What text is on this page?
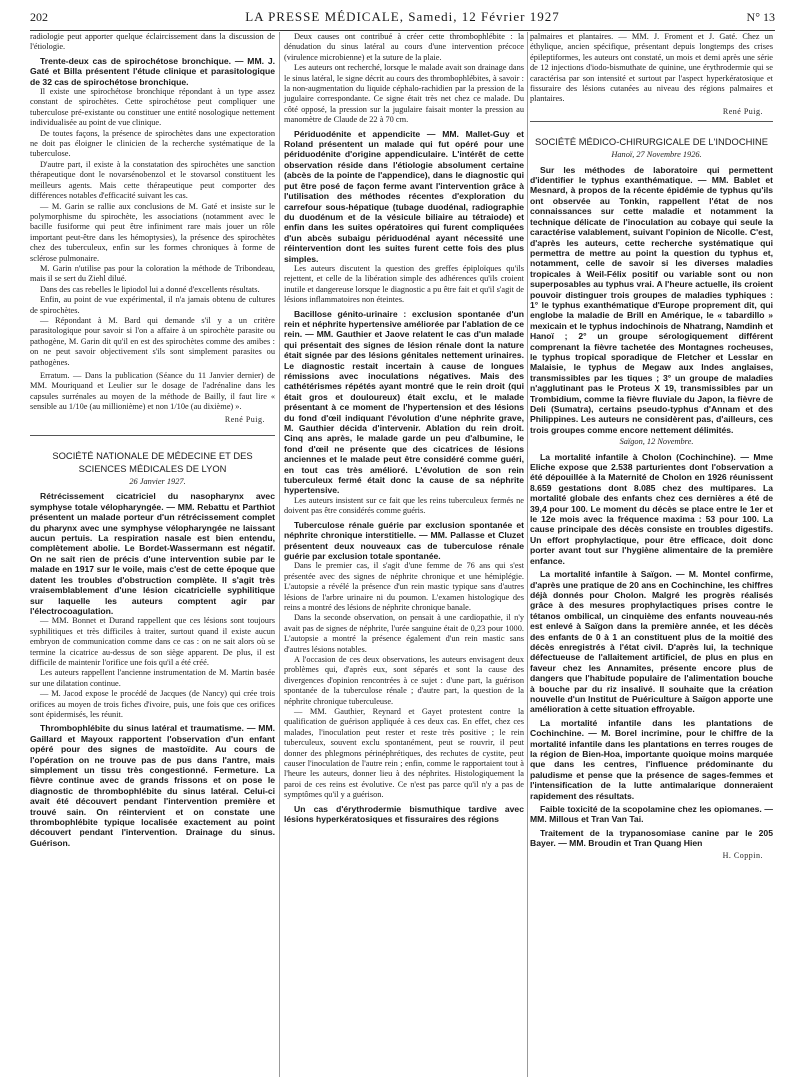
202	LA PRESSE MÉDICALE, Samedi, 12 Février 1927	N° 13

radiologie peut apporter quelque éclaircissement dans la discussion de l'étiologie.

Trente-deux cas de spirochétose bronchique. — MM. J. Gaté et Billa présentent l'étude clinique et parasitologique de 32 cas de spirochétose bronchique.

Il existe une spirochétose bronchique répondant à un type assez constant de spirochètes. Cette spirochétose peut compliquer une tuberculose pré-existante ou constituer une entité nosologique nettement individualisée au point de vue clinique.

De toutes façons, la présence de spirochètes dans une expectoration ne doit pas éloigner le clinicien de la recherche systématique de la tuberculose.

D'autre part, il existe à la constatation des spirochètes une sanction thérapeutique dont le novarsénobenzol et le stovarsol constituent les meilleurs agents. Mais cette thérapeutique peut comporter des différences notables d'efficacité suivant les cas.

— M. Garin se rallie aux conclusions de M. Gaté et insiste sur le polymorphisme du spirochète, les associations (notamment avec le bacille fusiforme qui peut être infiniment rare mais jouer un rôle important peut-être dans les hémoptysies), la présence des spirochètes chez des tuberculeux, enfin sur les formes chroniques à forme de sclérose pulmonaire.

M. Garin n'utilise pas pour la coloration la méthode de Tribondeau, mais il se sert du Ziehl dilué.

Dans des cas rebelles le lipiodol lui a donné d'excellents résultats.

Enfin, au point de vue expérimental, il n'a jamais obtenu de cultures de spirochètes.

— Répondant à M. Bard qui demande s'il y a un critère parasitologique pour savoir si l'on a affaire à un spirochète parasite ou pathogène, M. Garin dit qu'il en est des spirochètes comme des amibes : on ne peut savoir objectivement s'ils sont simplement parasites ou pathogènes.

Erratum. — Dans la publication (Séance du 11 Janvier dernier) de MM. Mouriquand et Leulier sur le dosage de l'adrénaline dans les capsules surrénales au moyen de la méthode de Bailly, il faut lire « sensible au 1/10e (au millionième) et non 1/10e (au dixième) ».

René Puig.

SOCIÉTÉ NATIONALE DE MÉDECINE ET DES SCIENCES MÉDICALES DE LYON

26 Janvier 1927.

Rétrécissement cicatriciel du nasopharynx avec symphyse totale vélopharyngée. — MM. Rebattu et Parthiot présentent un malade porteur d'un rétrécissement complet du pharynx avec une symphyse vélopharyngée ne laissant aucun pertuis. La respiration nasale est bien entendu, complètement abolie. Le Bordet-Wassermann est négatif. On ne sait rien de précis d'une intervention subie par le malade en 1917 sur le voile, mais c'est de cette époque que datent les troubles d'obstruction complète. Il s'agit très vraisemblablement d'une lésion cicatricielle syphilitique sur laquelle les auteurs comptent agir par l'électrocoagulation.

— MM. Bonnet et Durand rappellent que ces lésions sont toujours syphilitiques et très difficiles à traiter, surtout quand il existe aucun embryon de communication comme dans ce cas : on ne sait alors où se termine la cicatrice au-dessus de son siège apparent. De plus, il est difficile de maintenir l'orifice une fois qu'il a été créé.

Les auteurs rappellent l'ancienne instrumentation de M. Martin basée sur une dilatation continue.

— M. Jacod expose le procédé de Jacques (de Nancy) qui crée trois orifices au moyen de trois fiches d'ivoire, puis, une fois que ces orifices sont épidermisés, les réunit.

Thrombophlébite du sinus latéral et traumatisme. — MM. Gaillard et Mayoux rapportent l'observation d'un enfant opéré pour des signes de mastoïdite. Au cours de l'opération on ne trouve pas de pus dans l'antre, mais simplement un tissu très congestionné. Fermeture. La fièvre continue avec de grands frissons et on pose le diagnostic de thrombophlébite du sinus latéral. Celui-ci avait été découvert pendant l'intervention première et trouvé sain. On réintervient et on constate une thrombophlébite typique localisée exactement au point découvert pendant l'intervention. Drainage du sinus. Guérison.

Deux causes ont contribué à créer cette thrombophlébite : la dénudation du sinus latéral au cours d'une intervention précoce (virulence microbienne) et la suture de la plaie.

Les auteurs ont recherché, lorsque le malade avait son drainage dans le sinus latéral, le signe décrit au cours des thrombophlébites, à savoir : la non-augmentation du liquide céphalo-rachidien par la pression de la jugulaire correspondante. Ce signe était très net chez ce malade. Du côté opposé, la pression sur la jugulaire faisait monter la pression au manomètre de Claude de 22 à 70 cm.

Périduodénite et appendicite — MM. Mallet-Guy et Roland présentent un malade qui fut opéré pour une périduodénite d'origine appendiculaire. L'intérêt de cette observation réside dans l'étiologie absolument certaine (abcès de la pointe de l'appendice), dans le diagnostic qui put être posé de façon ferme avant l'intervention grâce à l'utilisation des méthodes récentes d'exploration du carrefour sous-hépatique (tubage duodénal, radiographie du duodénum et de la vésicule biliaire au tétraiode) et enfin dans les suites opératoires qui furent compliquées d'un abcès subaigu périduodénal ayant nécessité une réintervention dont les suites furent cette fois des plus simples.

Les auteurs discutent la question des greffes épiploïques qu'ils rejettent, et celle de la libération simple des adhérences qu'ils croient inutile et dangereuse lorsque le diagnostic a pu être fait et qu'il s'agit de lésions inflammatoires non éteintes.

Bacillose génito-urinaire : exclusion spontanée d'un rein et néphrite hypertensive améliorée par l'ablation de ce rein. — MM. Gauthier et Jaove relatent le cas d'un malade qui présentait des signes de lésion rénale dont la nature était signée par des lésions génitales nettement urinaires. Le diagnostic restait incertain à cause de longues rémissions avec inoculations négatives. Mais des cathétérismes répétés ayant montré que le rein droit (qui était gros et douloureux) était exclu, et le malade présentant à ce moment de l'hypertension et des lésions du fond d'œil indiquant l'évolution d'une néphrite grave, M. Gauthier décida d'intervenir. Ablation du rein droit. Cinq ans après, le malade garde un peu d'albumine, le fond d'œil ne présente que des cicatrices de lésions anciennes et le malade peut être considéré comme guéri, en tout cas très amélioré. L'évolution de son rein tuberculeux fermé était donc la cause de sa néphrite hypertensive.

Les auteurs insistent sur ce fait que les reins tuberculeux fermés ne doivent pas être considérés comme guéris.

Tuberculose rénale guérie par exclusion spontanée et néphrite chronique interstitielle. — MM. Pallasse et Cluzet présentent deux nouveaux cas de tuberculose rénale guérie par exclusion totale spontanée.

Dans le premier cas, il s'agit d'une femme de 76 ans qui s'est présentée avec des signes de néphrite chronique et une hémiplégie. L'autopsie a révélé la présence d'un rein mastic typique sans d'autres lésions de l'arbre urinaire ni du poumon. L'examen histologique des reins a montré des lésions de néphrite chronique banale.

Dans la seconde observation, on pensait à une cardiopathie, il n'y avait pas de signes de néphrite, l'urée sanguine était de 0,23 pour 1000. L'autopsie a montré la présence également d'un rein mastic sans d'autres lésions notables.

A l'occasion de ces deux observations, les auteurs envisagent deux problèmes qui, d'après eux, sont séparés et sont la cause des divergences d'opinion rencontrées à ce sujet : d'une part, la guérison spontanée de la tuberculose rénale ; d'autre part, la question de la néphrite chronique tuberculeuse.

— MM. Gauthier, Reynard et Gayet protestent contre la qualification de guérison appliquée à ces deux cas. En effet, chez ces malades, l'inoculation peut rester et reste très positive ; le rein tuberculeux, souvent exclu spontanément, peut se rouvrir, il peut donner des phlegmons périnéphrétiques, des rechutes de cystite, peut causer l'inoculation de l'autre rein ; enfin, comme le rapportaient tout à l'heure les auteurs, donner lieu à des néphrites. Histologiquement la paroi de ces reins est évolutive. Ce n'est pas parce qu'il n'y a pas de symptômes qu'il y a guérison.

Un cas d'érythrodermie bismuthique tardive avec lésions hyperkératosiques et fissuraires des régions

palmaires et plantaires. — MM. J. Froment et J. Gaté. Chez un éthylique, ancien spécifique, présentant depuis longtemps des crises épileptiformes, les auteurs ont constaté, un mois et demi après une série de 12 injections d'iodo-bismuthate de quinine, une érythrodermie qui se caractérisa par son intensité et surtout par l'aspect hyperkératosique et fissuraire des lésions cutanées au niveau des régions palmaires et plantaires.

René Puig.

SOCIÉTÉ MÉDICO-CHIRURGICALE DE L'INDOCHINE

Hanoï, 27 Novembre 1926.

Sur les méthodes de laboratoire qui permettent d'identifier le typhus exanthématique. — MM. Bablet et Mesnard, à propos de la récente épidémie de typhus qu'ils ont observée au Tonkin, rappellent l'état de nos connaissances sur cette maladie et notamment la technique délicate de l'inoculation au cobaye qui seule la caractérise valablement, suivant l'opinion de Nicolle. C'est, d'après les auteurs, cette recherche systématique qui permettra de mettre au point la question du typhus et, notamment, celle de savoir si les diverses maladies tropicales à Weil-Félix positif ou variable sont ou non superposables au typhus vrai. A l'heure actuelle, ils croient pouvoir distinguer trois groupes de maladies typhiques : 1° le typhus exanthématique d'Europe proprement dit, qui englobe la maladie de Brill en Amérique, le « tabardillo » mexicain et le typhus indochinois de Nhatrang, Namdinh et Hanoï ; 2° un groupe sérologiquement différent comprenant la fièvre tachetée des Montagnes rocheuses, le typhus tropical sporadique de Fletcher et Lesslar en Malaisie, le typhus de Megaw aux Indes anglaises, transmissibles par les tiques ; 3° un groupe de maladies n'agglutinant pas le Proteus X 19, transmissibles par un Trombidium, comme la fièvre fluviale du Japon, la fièvre de Deli (Sumatra), certains pseudo-typhus d'Annam et des Philippines. Les auteurs ne considèrent pas, d'ailleurs, ces trois groupes comme encore nettement délimités.

Saïgon, 12 Novembre.

La mortalité infantile à Cholon (Cochinchine). — Mme Eliche expose que 2.538 parturientes dont l'observation a été dépouillée à la Maternité de Cholon en 1926 réunissent 8.659 gestations dont 8.085 chez des multipares. La mortalité globale des enfants chez ces dernières a été de 39,4 pour 100. Le moment du décès se place entre le 1er et le 12e mois avec la fréquence maxima : 53 pour 100. La cause principale des décès consiste en troubles digestifs. Un effort prophylactique, pour être efficace, doit donc porter avant tout sur l'hygiène alimentaire de la première enfance.
La mortalité infantile à Saïgon. — M. Montel confirme, d'après une pratique de 20 ans en Cochinchine, les chiffres déjà donnés pour Cholon. Malgré les progrès réalisés grâce à des mesures prophylactiques prises contre le tétanos ombilical, un cinquième des enfants nouveau-nés est enlevé à Saïgon dans la première année, et les décès des enfants de 0 à 1 an constituent plus de la moitié des décès enregistrés à l'état civil. D'après lui, la technique défectueuse de l'allaitement artificiel, de plus en plus en faveur chez les Annamites, présente encore plus de dangers que l'habitude populaire de l'alimentation bouche à bouche par du riz insalivé. Il souhaite que la création nouvelle d'un Institut de Puériculture à Saïgon apporte une amélioration à cette situation effroyable.
La mortalité infantile dans les plantations de Cochinchine. — M. Borel incrimine, pour le chiffre de la mortalité infantile dans les plantations en terres rouges de la région de Bien-Hoa, importante quoique moins marquée que dans les centres, l'influence prédominante du paludisme et pense que la présence de sages-femmes et l'intensification de la lutte antimalarique donneraient rapidement des résultats.
Faible toxicité de la scopolamine chez les opiomanes. — MM. Millous et Tran Van Tai.
Traitement de la trypanosomiase canine par le 205 Bayer. — MM. Broudin et Tran Quang Hien

H. Coppin.
